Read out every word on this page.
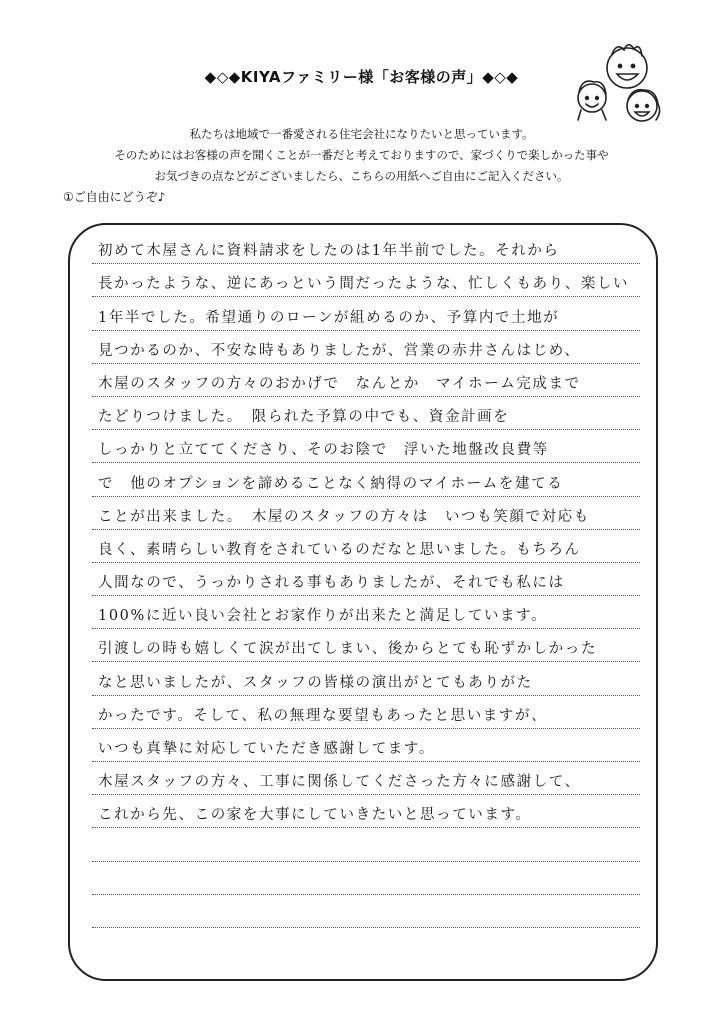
◆◇◆KIYAファミリー様「お客様の声」◆◇◆
私たちは地域で一番愛される住宅会社になりたいと思っています。
そのためにはお客様の声を聞くことが一番だと考えておりますので、家づくりで楽しかった事や
お気づきの点などがございましたら、こちらの用紙へご自由にご記入ください。
①ご自由にどうぞ♪
初めて木屋さんに資料請求をしたのは1年半前でした。それから
長かったような、逆にあっという間だったような、忙しくもあり、楽しい
1年半でした。希望通りのローンが組めるのか、予算内で土地が
見つかるのか、不安な時もありましたが、営業の赤井さんはじめ、
木屋のスタッフの方々のおかげで　なんとか　マイホーム完成まで
たどりつけました。　限られた予算の中でも、資金計画を
しっかりと立ててくださり、そのお陰で　浮いた地盤改良費等
で　他のオプションを諦めることなく納得のマイホームを建てる
ことが出来ました。　木屋のスタッフの方々は　いつも笑顔で対応も
良く、素晴らしい教育をされているのだなと思いました。もちろん
人間なので、うっかりされる事もありましたが、それでも私には
100%に近い良い会社とお家作りが出来たと満足しています。
引渡しの時も嬉しくて涙が出てしまい、後からとても恥ずかしかった
なと思いましたが、スタッフの皆様の演出がとてもありがた
かったです。そして、私の無理な要望もあったと思いますが、
いつも真摯に対応していただき感謝してます。
木屋スタッフの方々、工事に関係してくださった方々に感謝して、
これから先、この家を大事にしていきたいと思っています。
